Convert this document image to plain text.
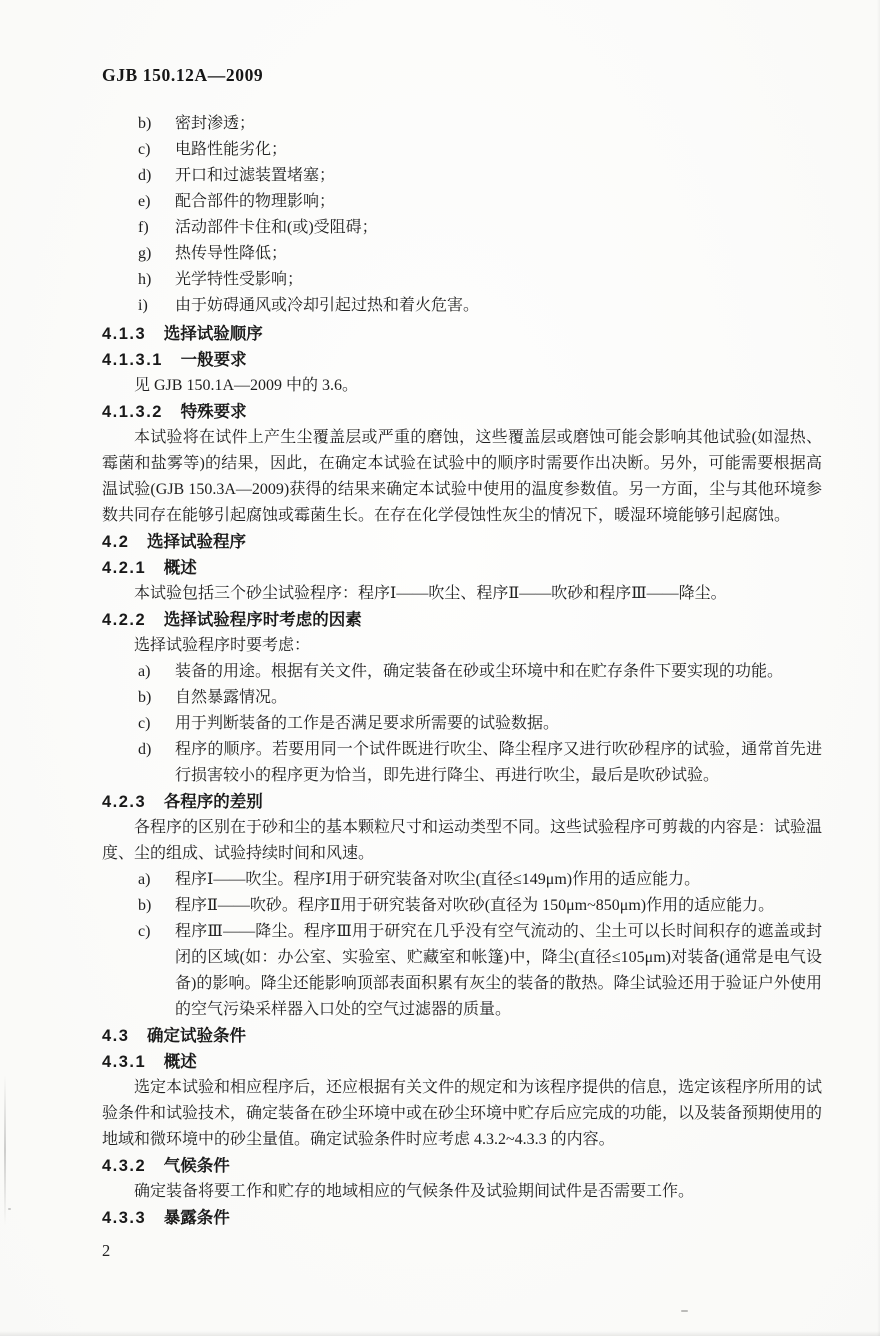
GJB 150.12A—2009
b)	密封渗透；
c)	电路性能劣化；
d)	开口和过滤装置堵塞；
e)	配合部件的物理影响；
f)	活动部件卡住和(或)受阻碍；
g)	热传导性降低；
h)	光学特性受影响；
i)	由于妨碍通风或冷却引起过热和着火危害。
4.1.3 选择试验顺序
4.1.3.1 一般要求

见 GJB 150.1A—2009 中的 3.6。

4.1.3.2 特殊要求

本试验将在试件上产生尘覆盖层或严重的磨蚀，这些覆盖层或磨蚀可能会影响其他试验(如湿热、霉菌和盐雾等)的结果，因此，在确定本试验在试验中的顺序时需要作出决断。另外，可能需要根据高温试验(GJB 150.3A—2009)获得的结果来确定本试验中使用的温度参数值。另一方面，尘与其他环境参数共同存在能够引起腐蚀或霉菌生长。在存在化学侵蚀性灰尘的情况下，暖湿环境能够引起腐蚀。

4.2 选择试验程序
4.2.1 概述

本试验包括三个砂尘试验程序：程序Ⅰ——吹尘、程序Ⅱ——吹砂和程序Ⅲ——降尘。

4.2.2 选择试验程序时考虑的因素

选择试验程序时要考虑：

a)	装备的用途。根据有关文件，确定装备在砂或尘环境中和在贮存条件下要实现的功能。
b)	自然暴露情况。
c)	用于判断装备的工作是否满足要求所需要的试验数据。
d)	程序的顺序。若要用同一个试件既进行吹尘、降尘程序又进行吹砂程序的试验，通常首先进行损害较小的程序更为恰当，即先进行降尘、再进行吹尘，最后是吹砂试验。
4.2.3 各程序的差别

各程序的区别在于砂和尘的基本颗粒尺寸和运动类型不同。这些试验程序可剪裁的内容是：试验温度、尘的组成、试验持续时间和风速。

a)	程序Ⅰ——吹尘。程序Ⅰ用于研究装备对吹尘(直径≤149μm)作用的适应能力。
b)	程序Ⅱ——吹砂。程序Ⅱ用于研究装备对吹砂(直径为 150μm~850μm)作用的适应能力。
c)	程序Ⅲ——降尘。程序Ⅲ用于研究在几乎没有空气流动的、尘土可以长时间积存的遮盖或封闭的区域(如：办公室、实验室、贮藏室和帐篷)中，降尘(直径≤105μm)对装备(通常是电气设备)的影响。降尘还能影响顶部表面积累有灰尘的装备的散热。降尘试验还用于验证户外使用的空气污染采样器入口处的空气过滤器的质量。
4.3 确定试验条件
4.3.1 概述

选定本试验和相应程序后，还应根据有关文件的规定和为该程序提供的信息，选定该程序所用的试验条件和试验技术，确定装备在砂尘环境中或在砂尘环境中贮存后应完成的功能，以及装备预期使用的地域和微环境中的砂尘量值。确定试验条件时应考虑 4.3.2~4.3.3 的内容。

4.3.2 气候条件

确定装备将要工作和贮存的地域相应的气候条件及试验期间试件是否需要工作。

4.3.3 暴露条件
2
